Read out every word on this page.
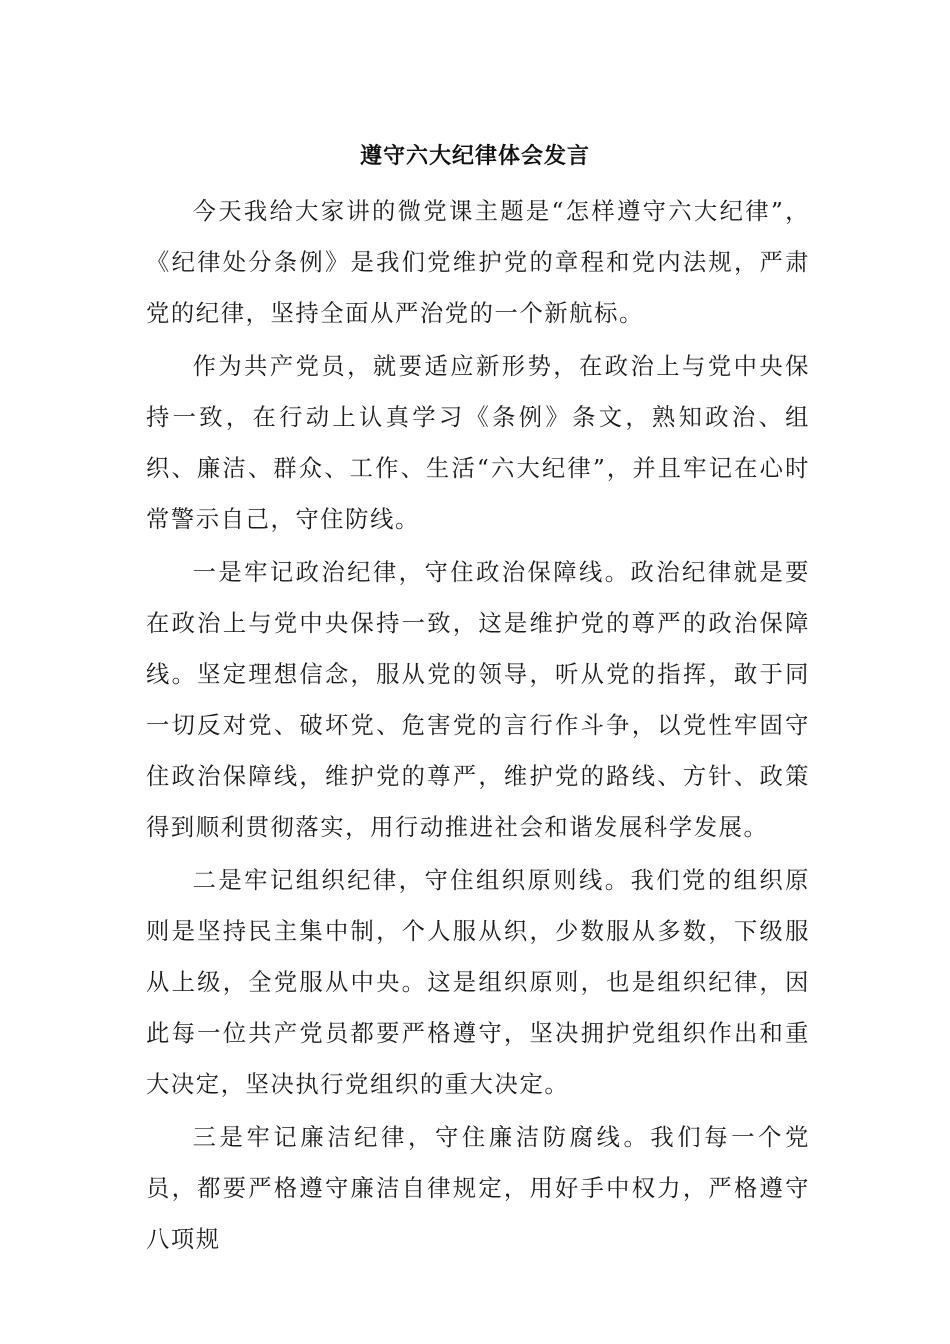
遵守六大纪律体会发言

今天我给大家讲的微党课主题是“怎样遵守六大纪律”，《纪律处分条例》是我们党维护党的章程和党内法规，严肃党的纪律，坚持全面从严治党的一个新航标。

作为共产党员，就要适应新形势，在政治上与党中央保持一致，在行动上认真学习《条例》条文，熟知政治、组织、廉洁、群众、工作、生活“六大纪律”，并且牢记在心时常警示自己，守住防线。

一是牢记政治纪律，守住政治保障线。政治纪律就是要在政治上与党中央保持一致，这是维护党的尊严的政治保障线。坚定理想信念，服从党的领导，听从党的指挥，敢于同一切反对党、破坏党、危害党的言行作斗争，以党性牢固守住政治保障线，维护党的尊严，维护党的路线、方针、政策得到顺利贯彻落实，用行动推进社会和谐发展科学发展。

二是牢记组织纪律，守住组织原则线。我们党的组织原则是坚持民主集中制，个人服从织，少数服从多数，下级服从上级，全党服从中央。这是组织原则，也是组织纪律，因此每一位共产党员都要严格遵守，坚决拥护党组织作出和重大决定，坚决执行党组织的重大决定。

三是牢记廉洁纪律，守住廉洁防腐线。我们每一个党员，都要严格遵守廉洁自律规定，用好手中权力，严格遵守八项规
